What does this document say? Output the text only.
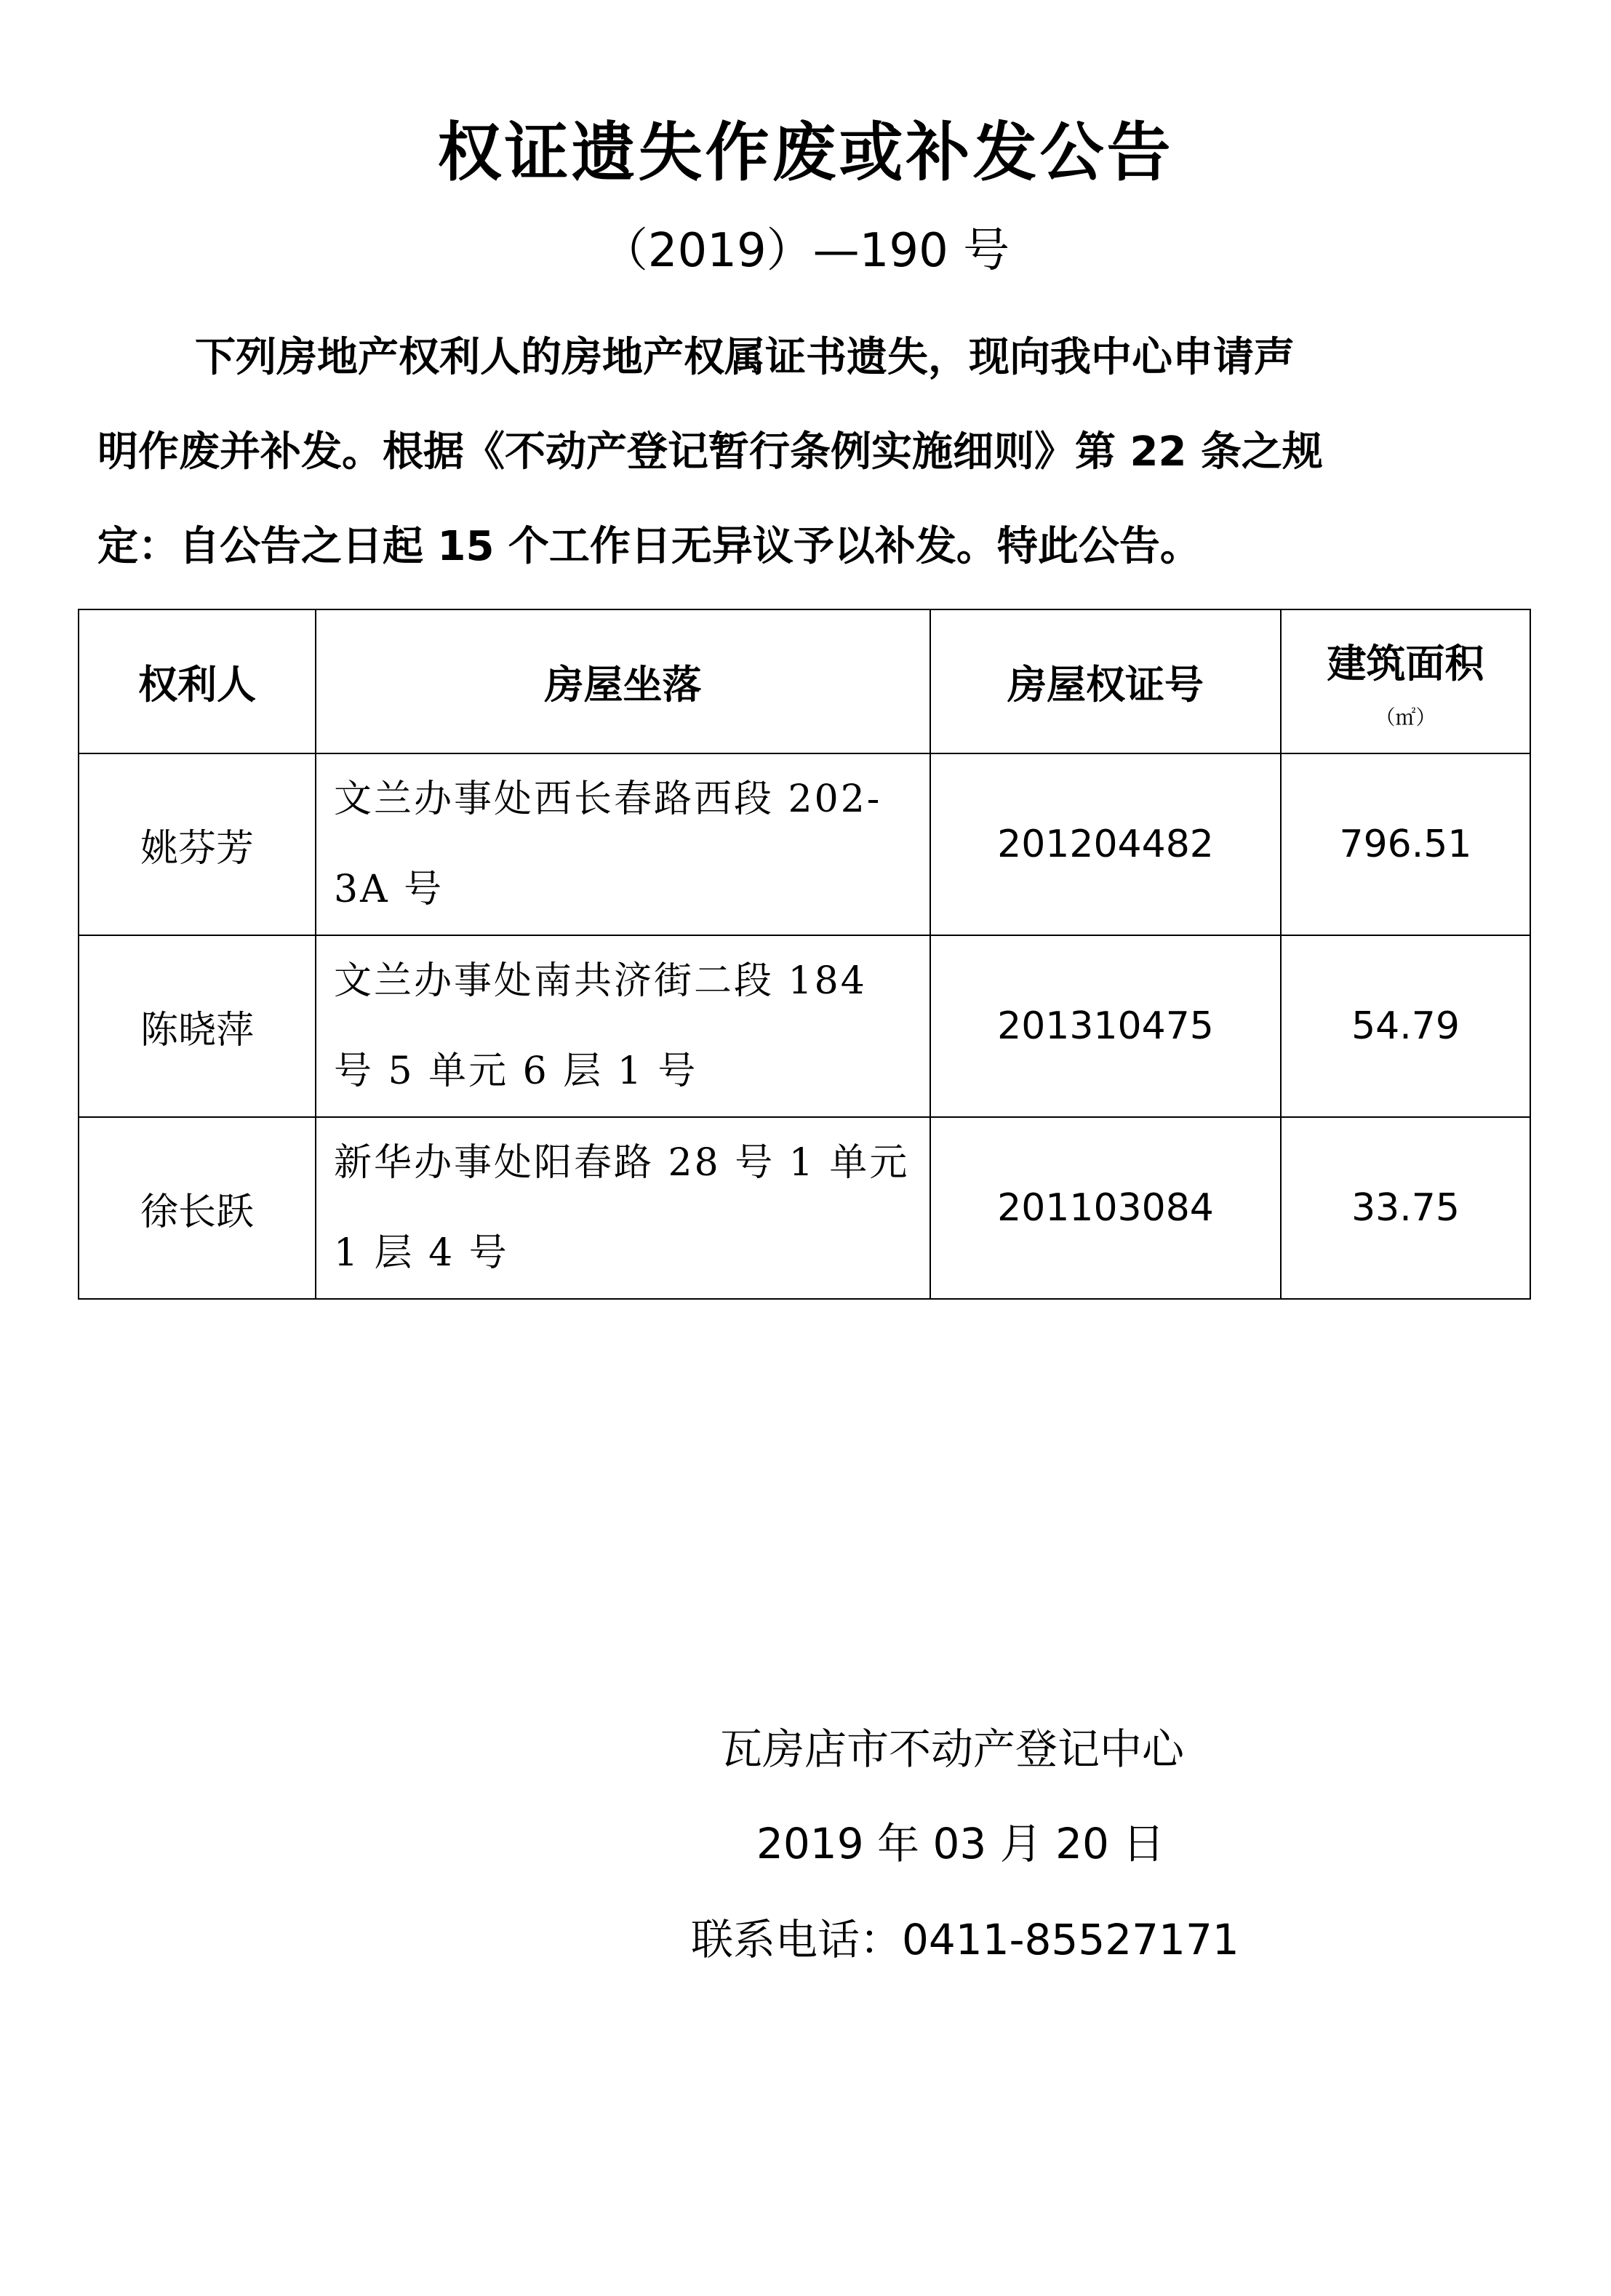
权证遗失作废或补发公告
（2019）—190 号
下列房地产权利人的房地产权属证书遗失，现向我中心申请声
明作废并补发。根据《不动产登记暂行条例实施细则》第 22 条之规
定：自公告之日起 15 个工作日无异议予以补发。特此公告。
权利人	房屋坐落	房屋权证号	建筑面积
（㎡）

姚芬芳	文兰办事处西长春路西段 202-3A 号	201204482	796.51
陈晓萍	文兰办事处南共济街二段 184 号 5 单元 6 层 1 号	201310475	54.79
徐长跃	新华办事处阳春路 28 号 1 单元 1 层 4 号	201103084	33.75
瓦房店市不动产登记中心
2019 年 03 月 20 日
联系电话：0411-85527171
